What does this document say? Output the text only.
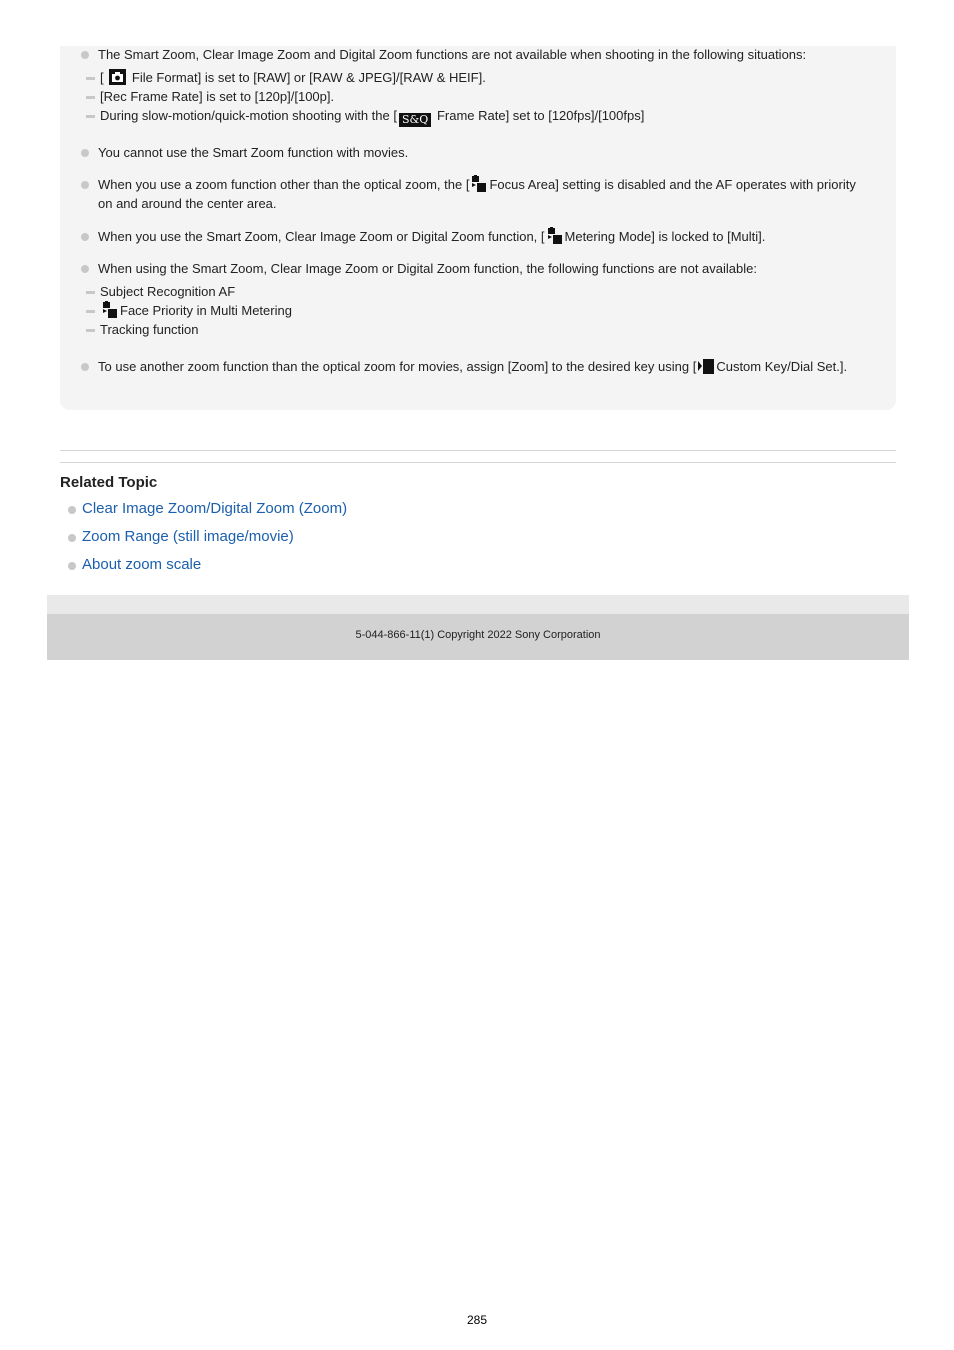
The Smart Zoom, Clear Image Zoom and Digital Zoom functions are not available when shooting in the following situations:
[ File Format] is set to [RAW] or [RAW & JPEG]/[RAW & HEIF].
[Rec Frame Rate] is set to [120p]/[100p].
During slow-motion/quick-motion shooting with the [ S&Q Frame Rate] set to [120fps]/[100fps]
You cannot use the Smart Zoom function with movies.
When you use a zoom function other than the optical zoom, the [ Focus Area] setting is disabled and the AF operates with priority on and around the center area.
When you use the Smart Zoom, Clear Image Zoom or Digital Zoom function, [ Metering Mode] is locked to [Multi].
When using the Smart Zoom, Clear Image Zoom or Digital Zoom function, the following functions are not available:
Subject Recognition AF
Face Priority in Multi Metering
Tracking function
To use another zoom function than the optical zoom for movies, assign [Zoom] to the desired key using [ Custom Key/Dial Set.].
Related Topic
Clear Image Zoom/Digital Zoom (Zoom)
Zoom Range (still image/movie)
About zoom scale
5-044-866-11(1) Copyright 2022 Sony Corporation
285
